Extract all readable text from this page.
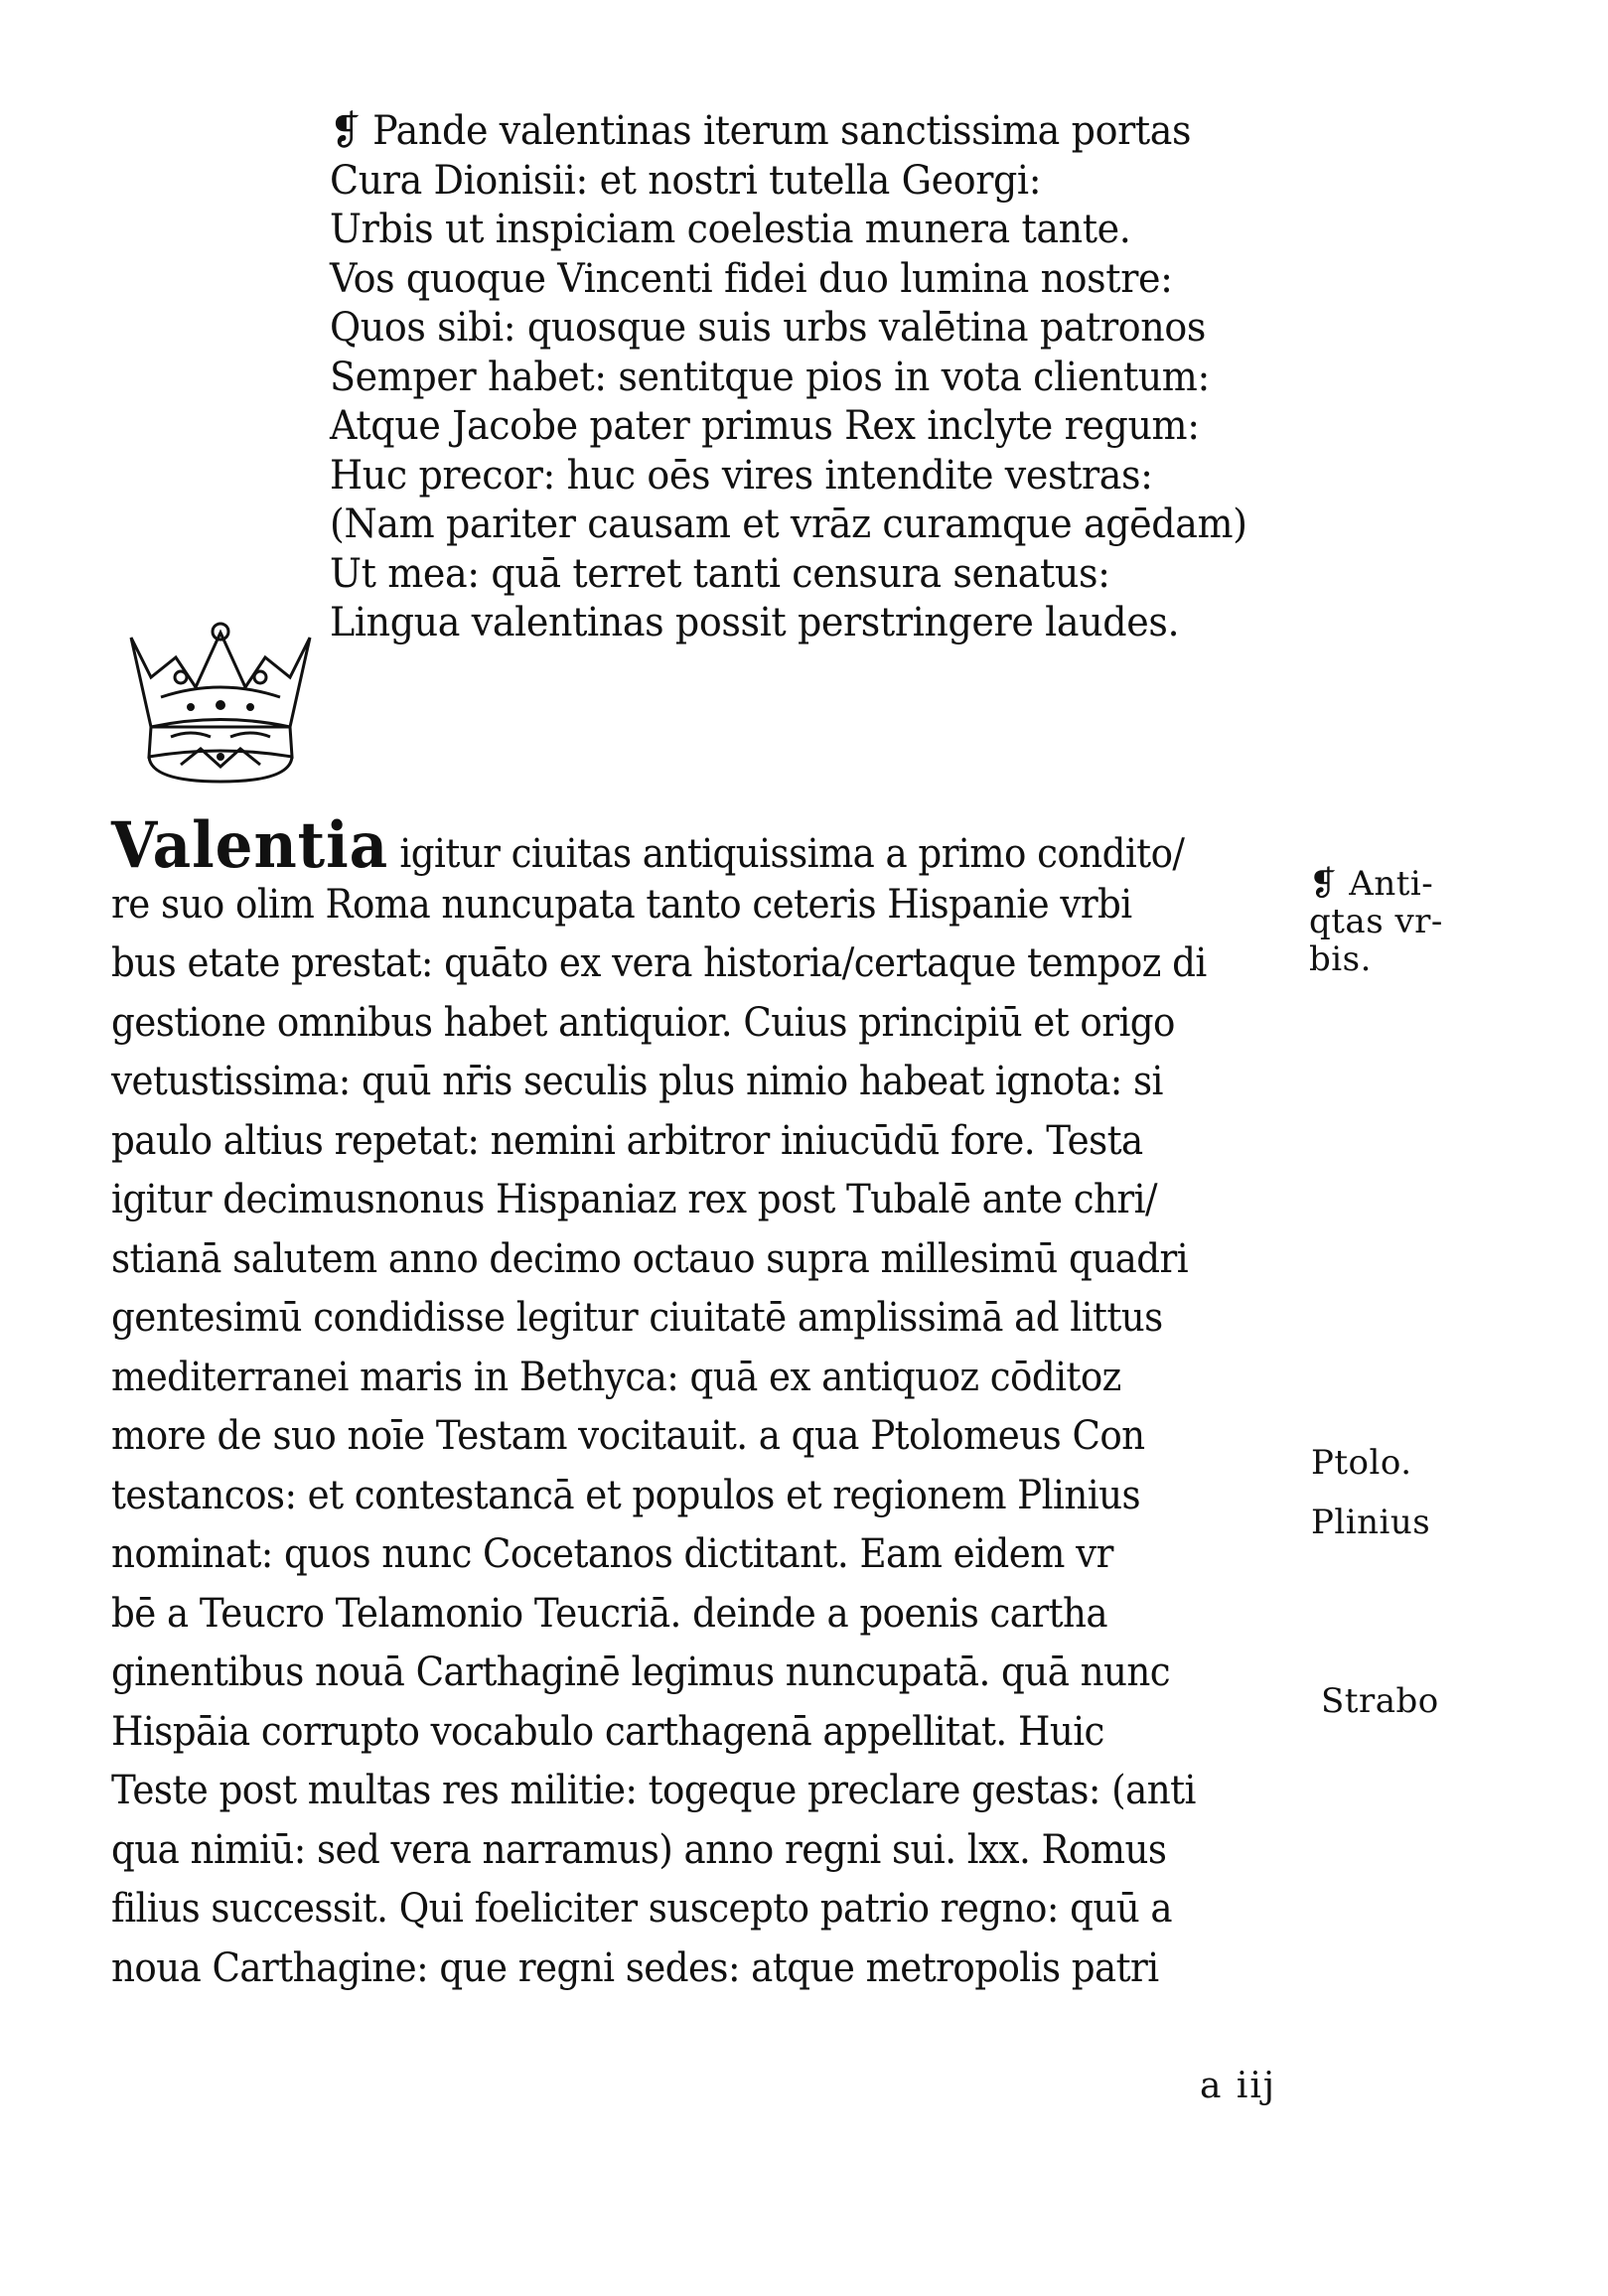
❡ Pande valentinas iterum sanctissima portas
Cura Dionisii: et nostri tutella Georgi:
Urbis ut inspiciam coelestia munera tante.
Vos quoque Vincenti fidei duo lumina nostre:
Quos sibi: quosque suis urbs valētina patronos
Semper habet: sentitque pios in vota clientum:
Atque Jacobe pater primus Rex inclyte regum:
Huc precor: huc oēs vires intendite vestras:
(Nam pariter causam et vrāz curamque agēdam)
Ut mea: quā terret tanti censura senatus:
Lingua valentinas possit perstringere laudes.
Valentia igitur ciuitas antiquissima a primo condito/
re suo olim Roma nuncupata tanto ceteris Hispanie vrbi
bus etate prestat: quāto ex vera historia/certaque tempoz di
gestione omnibus habet antiquior. Cuius principiū et origo
vetustissima: quū nr̄is seculis plus nimio habeat ignota: si
paulo altius repetat: nemini arbitror iniucūdū fore. Testa
igitur decimusnonus Hispaniaz rex post Tubalē ante chri/
stianā salutem anno decimo octauo supra millesimū quadri
gentesimū condidisse legitur ciuitatē amplissimā ad littus
mediterranei maris in Bethyca: quā ex antiquoz cōditoz
more de suo noīe Testam vocitauit. a qua Ptolomeus Con
testancos: et contestancā et populos et regionem Plinius
nominat: quos nunc Cocetanos dictitant. Eam eidem vr
bē a Teucro Telamonio Teucriā. deinde a poenis cartha
ginentibus nouā Carthaginē legimus nuncupatā. quā nunc
Hispāia corrupto vocabulo carthagenā appellitat. Huic
Teste post multas res militie: togeque preclare gestas: (anti
qua nimiū: sed vera narramus) anno regni sui. lxx. Romus
filius successit. Qui foeliciter suscepto patrio regno: quū a
noua Carthagine: que regni sedes: atque metropolis patri
❡ Anti-
qtas vr-
bis.
Ptolo.
Plinius
Strabo
a iij
